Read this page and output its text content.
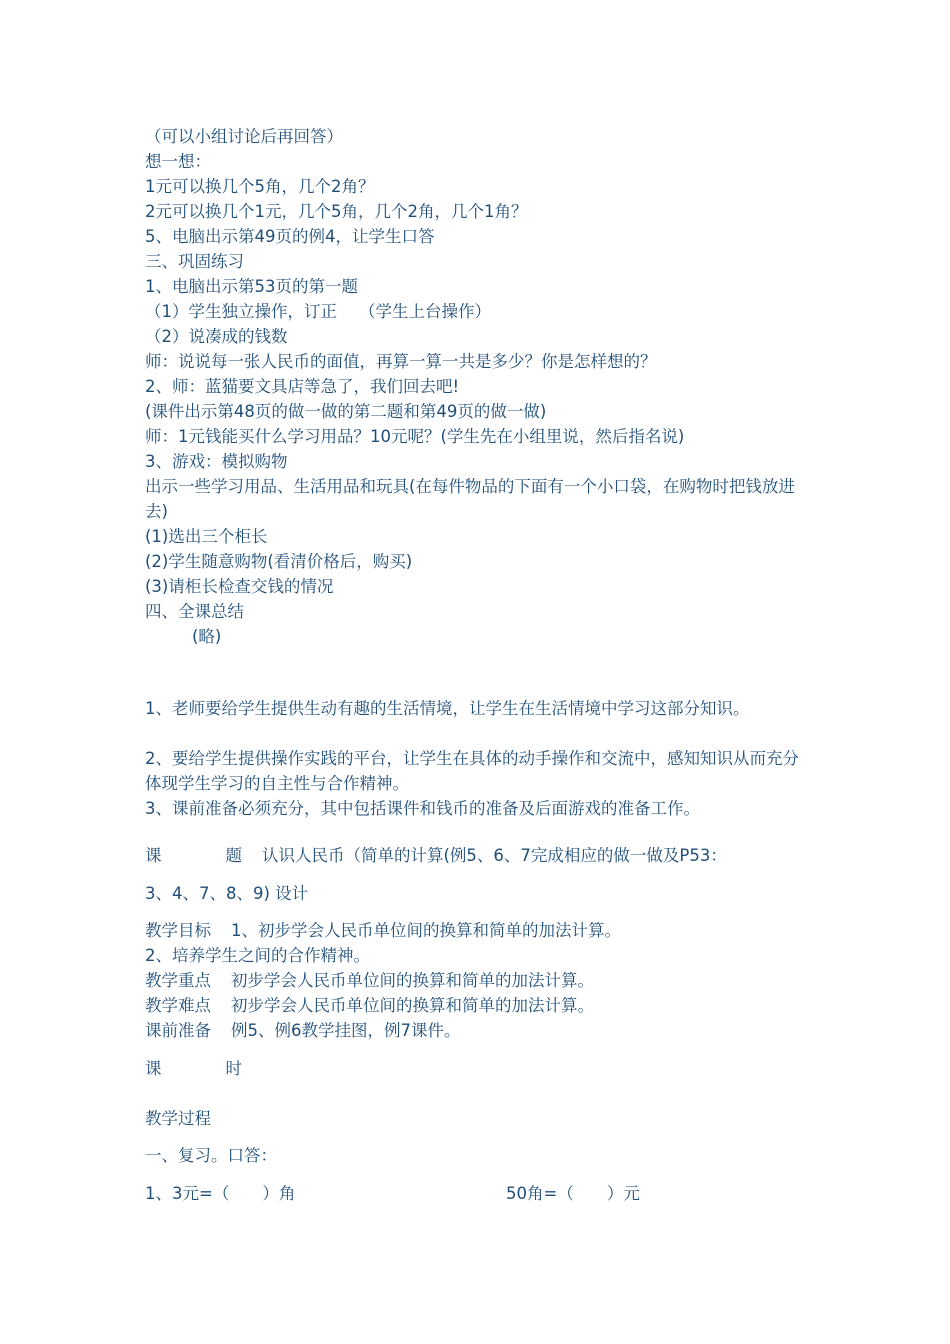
（可以小组讨论后再回答）
想一想：
1元可以换几个5角，几个2角？
2元可以换几个1元，几个5角，几个2角，几个1角？
5、电脑出示第49页的例4，让学生口答
三、巩固练习
1、电脑出示第53页的第一题
（1）学生独立操作，订正 （学生上台操作）
（2）说凑成的钱数
师：说说每一张人民币的面值，再算一算一共是多少？你是怎样想的？
2、师：蓝猫要文具店等急了，我们回去吧!
(课件出示第48页的做一做的第二题和第49页的做一做)
师：1元钱能买什么学习用品？10元呢？(学生先在小组里说，然后指名说)
3、游戏：模拟购物
出示一些学习用品、生活用品和玩具(在每件物品的下面有一个小口袋，在购物时把钱放进去)
(1)选出三个柜长
(2)学生随意购物(看清价格后，购买)
(3)请柜长检查交钱的情况
四、全课总结
(略)
1、老师要给学生提供生动有趣的生活情境，让学生在生活情境中学习这部分知识。
2、要给学生提供操作实践的平台，让学生在具体的动手操作和交流中，感知知识从而充分体现学生学习的自主性与合作精神。
3、课前准备必须充分，其中包括课件和钱币的准备及后面游戏的准备工作。
课	题 认识人民币（简单的计算(例5、6、7完成相应的做一做及P53：
3、4、7、8、9) 设计
教学目标 1、初步学会人民币单位间的换算和简单的加法计算。
2、培养学生之间的合作精神。
教学重点 初步学会人民币单位间的换算和简单的加法计算。
教学难点 初步学会人民币单位间的换算和简单的加法计算。
课前准备 例5、例6教学挂图，例7课件。
课	时
教学过程
一、复习。口答：
1、3元=（　　）角	50角=（　　）元
